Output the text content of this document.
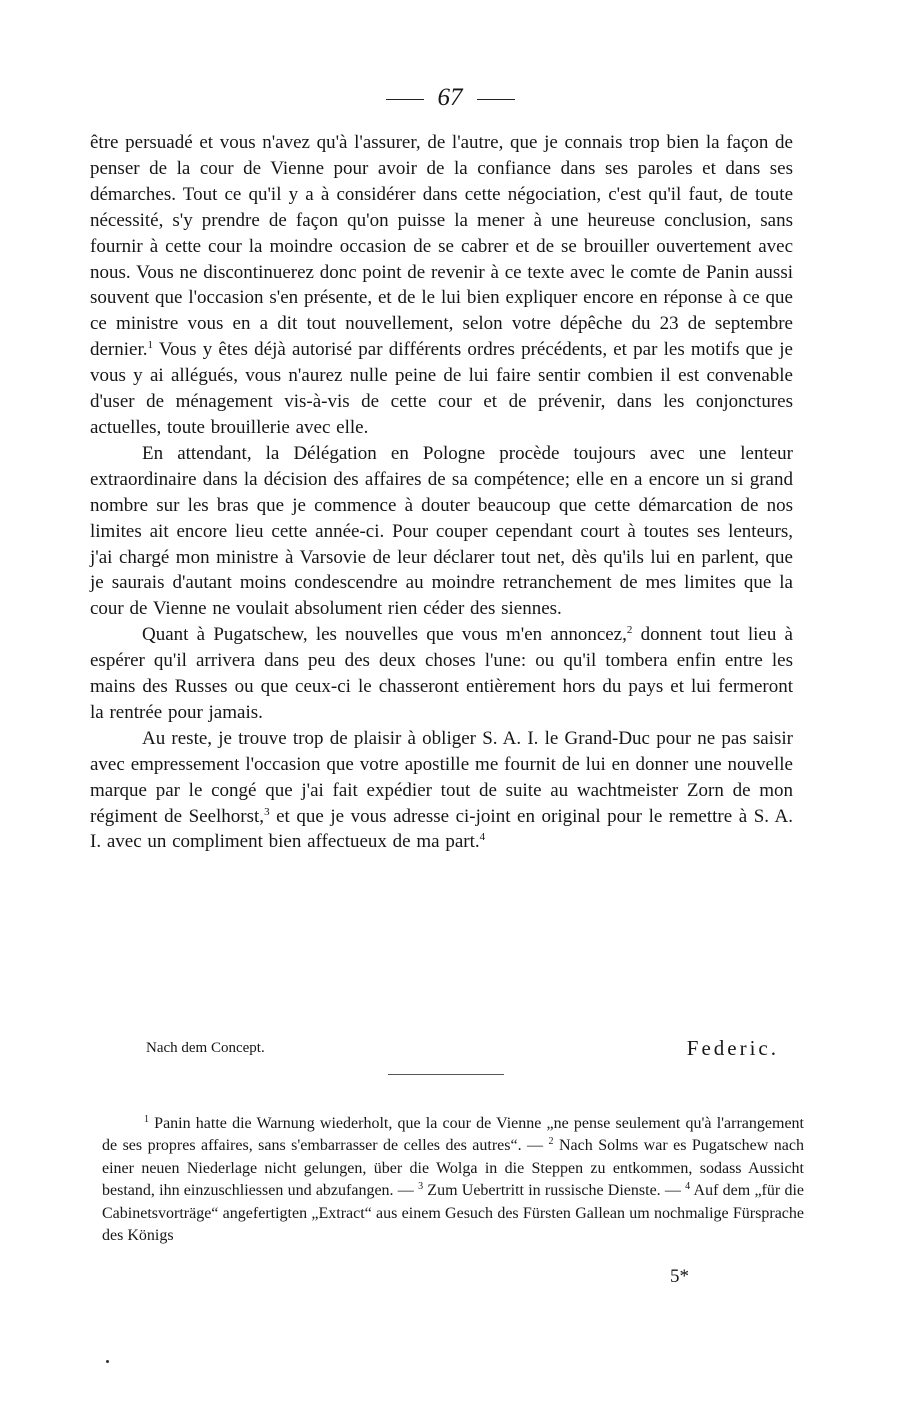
67

être persuadé et vous n'avez qu'à l'assurer, de l'autre, que je connais trop bien la façon de penser de la cour de Vienne pour avoir de la confiance dans ses paroles et dans ses démarches. Tout ce qu'il y a à considérer dans cette négociation, c'est qu'il faut, de toute nécessité, s'y prendre de façon qu'on puisse la mener à une heureuse conclusion, sans fournir à cette cour la moindre occasion de se cabrer et de se brouiller ouvertement avec nous. Vous ne discontinuerez donc point de revenir à ce texte avec le comte de Panin aussi souvent que l'occasion s'en présente, et de le lui bien expliquer encore en réponse à ce que ce ministre vous en a dit tout nouvellement, selon votre dépêche du 23 de septembre dernier.$^1$ Vous y êtes déjà autorisé par différents ordres précédents, et par les motifs que je vous y ai allégués, vous n'aurez nulle peine de lui faire sentir combien il est convenable d'user de ménagement vis-à-vis de cette cour et de prévenir, dans les conjonctures actuelles, toute brouillerie avec elle.

En attendant, la Délégation en Pologne procède toujours avec une lenteur extraordinaire dans la décision des affaires de sa compétence; elle en a encore un si grand nombre sur les bras que je commence à douter beaucoup que cette démarcation de nos limites ait encore lieu cette année-ci. Pour couper cependant court à toutes ses lenteurs, j'ai chargé mon ministre à Varsovie de leur déclarer tout net, dès qu'ils lui en parlent, que je saurais d'autant moins condescendre au moindre retranchement de mes limites que la cour de Vienne ne voulait absolument rien céder des siennes.

Quant à Pugatschew, les nouvelles que vous m'en annoncez,$^2$ donnent tout lieu à espérer qu'il arrivera dans peu des deux choses l'une: ou qu'il tombera enfin entre les mains des Russes ou que ceux-ci le chasseront entièrement hors du pays et lui fermeront la rentrée pour jamais.

Au reste, je trouve trop de plaisir à obliger S. A. I. le Grand-Duc pour ne pas saisir avec empressement l'occasion que votre apostille me fournit de lui en donner une nouvelle marque par le congé que j'ai fait expédier tout de suite au wachtmeister Zorn de mon régiment de Seelhorst,$^3$ et que je vous adresse ci-joint en original pour le remettre à S. A. I. avec un compliment bien affectueux de ma part.$^4$

Nach dem Concept.	Federic.

$^1$ Panin hatte die Warnung wiederholt, que la cour de Vienne „ne pense seulement qu'à l'arrangement de ses propres affaires, sans s'embarrasser de celles des autres“. — $^2$ Nach Solms war es Pugatschew nach einer neuen Niederlage nicht gelungen, über die Wolga in die Steppen zu entkommen, sodass Aussicht bestand, ihn einzuschliessen und abzufangen. — $^3$ Zum Uebertritt in russische Dienste. — $^4$ Auf dem „für die Cabinetsvorträge“ angefertigten „Extract“ aus einem Gesuch des Fürsten Gallean um nochmalige Fürsprache des Königs

5*
